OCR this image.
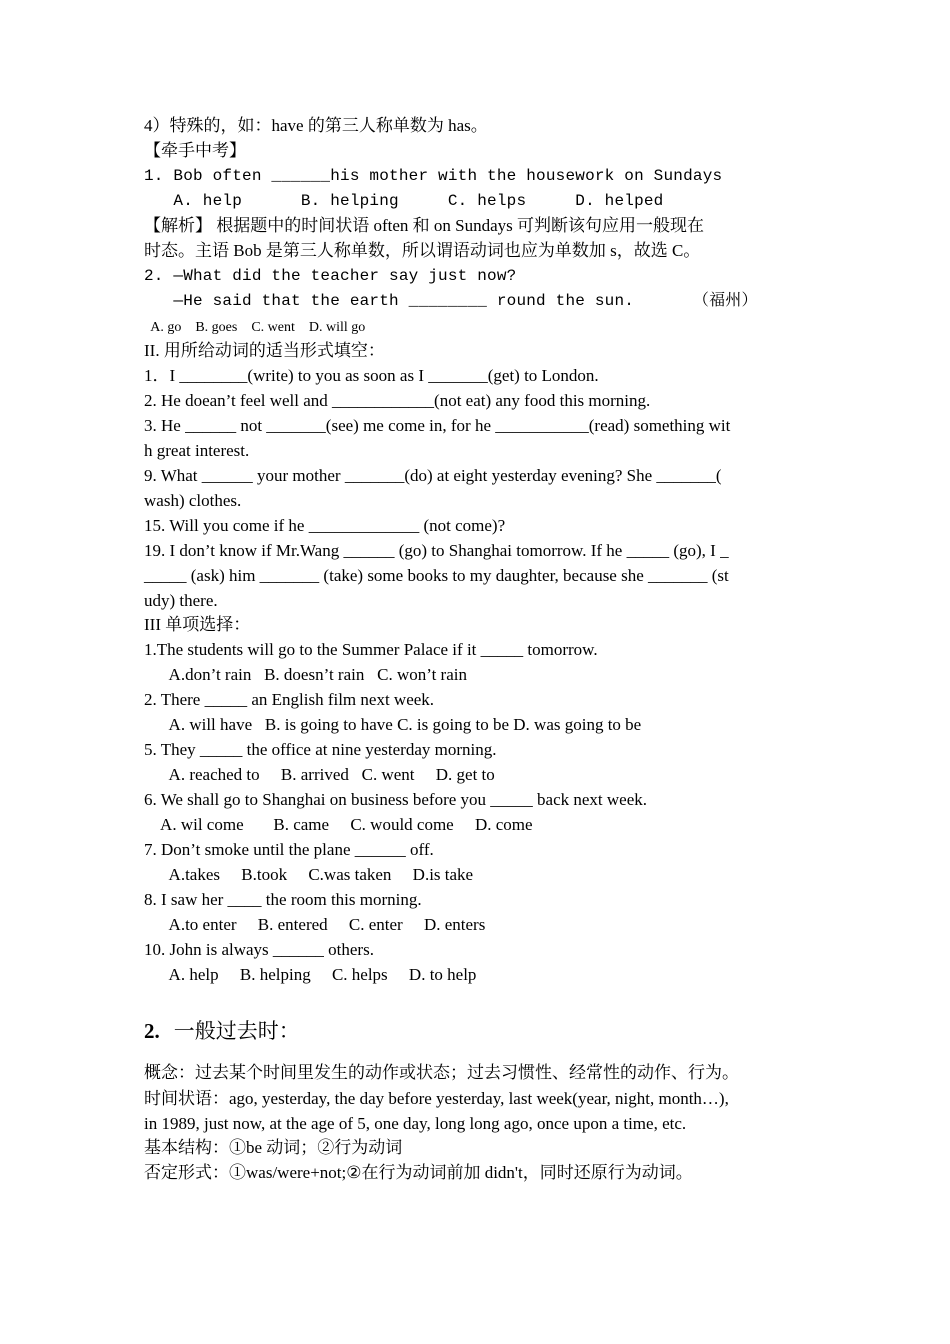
4）特殊的，如：have 的第三人称单数为 has。
【牵手中考】
1. Bob often ______his mother with the housework on Sundays
A. help      B. helping     C. helps     D. helped
【解析】 根据题中的时间状语 often 和 on Sundays 可判断该句应用一般现在
时态。主语 Bob 是第三人称单数，所以谓语动词也应为单数加 s，故选 C。
2. —What did the teacher say just now?
—He said that the earth ________ round the sun.      （福州）
A. go    B. goes    C. went    D. will go
II. 用所给动词的适当形式填空：
1．I ________(write) to you as soon as I _______(get) to London.
2. He doean’t feel well and ____________(not eat) any food this morning.
3. He ______ not _______(see) me come in, for he ___________(read) something wit
h great interest.
9. What ______ your mother _______(do) at eight yesterday evening? She _______(
wash) clothes.
15. Will you come if he _____________ (not come)?
19. I don’t know if Mr.Wang ______ (go) to Shanghai tomorrow. If he _____ (go), I _
_____ (ask) him _______ (take) some books to my daughter, because she _______ (st
udy) there.
III 单项选择：
1.The students will go to the Summer Palace if it _____ tomorrow.
A.don’t rain   B. doesn’t rain   C. won’t rain
2. There _____ an English film next week.
A. will have   B. is going to have C. is going to be D. was going to be
5. They _____ the office at nine yesterday morning.
A. reached to     B. arrived   C. went     D. get to
6. We shall go to Shanghai on business before you _____ back next week.
A. wil come       B. came     C. would come     D. come
7. Don’t smoke until the plane ______ off.
A.takes     B.took     C.was taken     D.is take
8. I saw her ____ the room this morning.
A.to enter     B. entered     C. enter     D. enters
10. John is always ______ others.
A. help     B. helping     C. helps     D. to help
2. 一般过去时：
概念：过去某个时间里发生的动作或状态；过去习惯性、经常性的动作、行为。
时间状语：ago, yesterday, the day before yesterday, last week(year, night, month…),
in 1989, just now, at the age of 5, one day, long long ago, once upon a time, etc.
基本结构：①be 动词；②行为动词
否定形式：①was/were+not;②在行为动词前加 didn't，同时还原行为动词。
